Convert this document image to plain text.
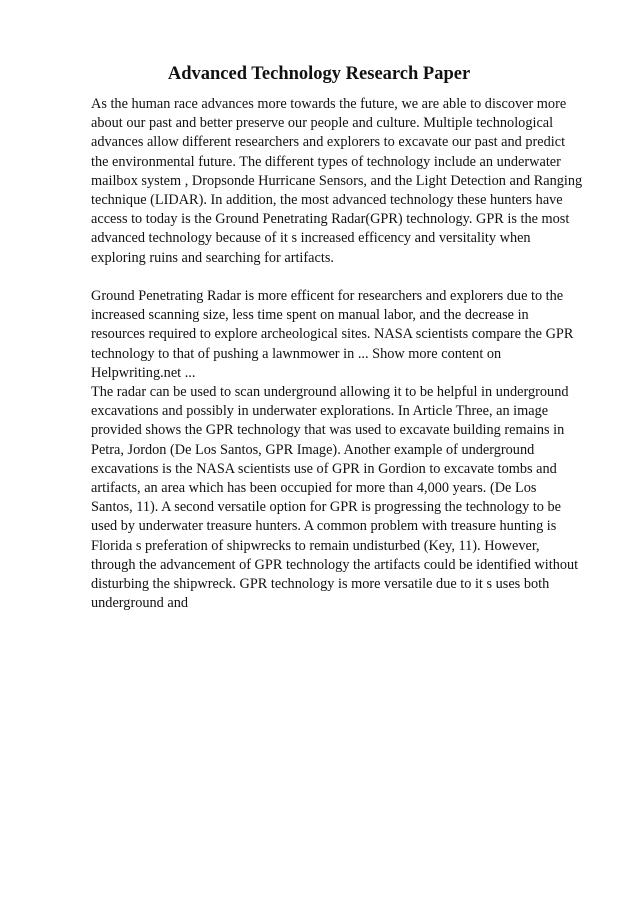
Advanced Technology Research Paper

As the human race advances more towards the future, we are able to discover more
about our past and better preserve our people and culture. Multiple technological
advances allow different researchers and explorers to excavate our past and predict
the environmental future. The different types of technology include an underwater
mailbox system , Dropsonde Hurricane Sensors, and the Light Detection and Ranging
technique (LIDAR). In addition, the most advanced technology these hunters have
access to today is the Ground Penetrating Radar(GPR) technology. GPR is the most
advanced technology because of it s increased efficency and versitality when
exploring ruins and searching for artifacts.

Ground Penetrating Radar is more efficent for researchers and explorers due to the
increased scanning size, less time spent on manual labor, and the decrease in
resources required to explore archeological sites. NASA scientists compare the GPR
technology to that of pushing a lawnmower in ... Show more content on
Helpwriting.net ...

The radar can be used to scan underground allowing it to be helpful in underground
excavations and possibly in underwater explorations. In Article Three, an image
provided shows the GPR technology that was used to excavate building remains in
Petra, Jordon (De Los Santos, GPR Image). Another example of underground
excavations is the NASA scientists use of GPR in Gordion to excavate tombs and
artifacts, an area which has been occupied for more than 4,000 years. (De Los
Santos, 11). A second versatile option for GPR is progressing the technology to be
used by underwater treasure hunters. A common problem with treasure hunting is
Florida s preferation of shipwrecks to remain undisturbed (Key, 11). However,
through the advancement of GPR technology the artifacts could be identified without
disturbing the shipwreck. GPR technology is more versatile due to it s uses both
underground and
